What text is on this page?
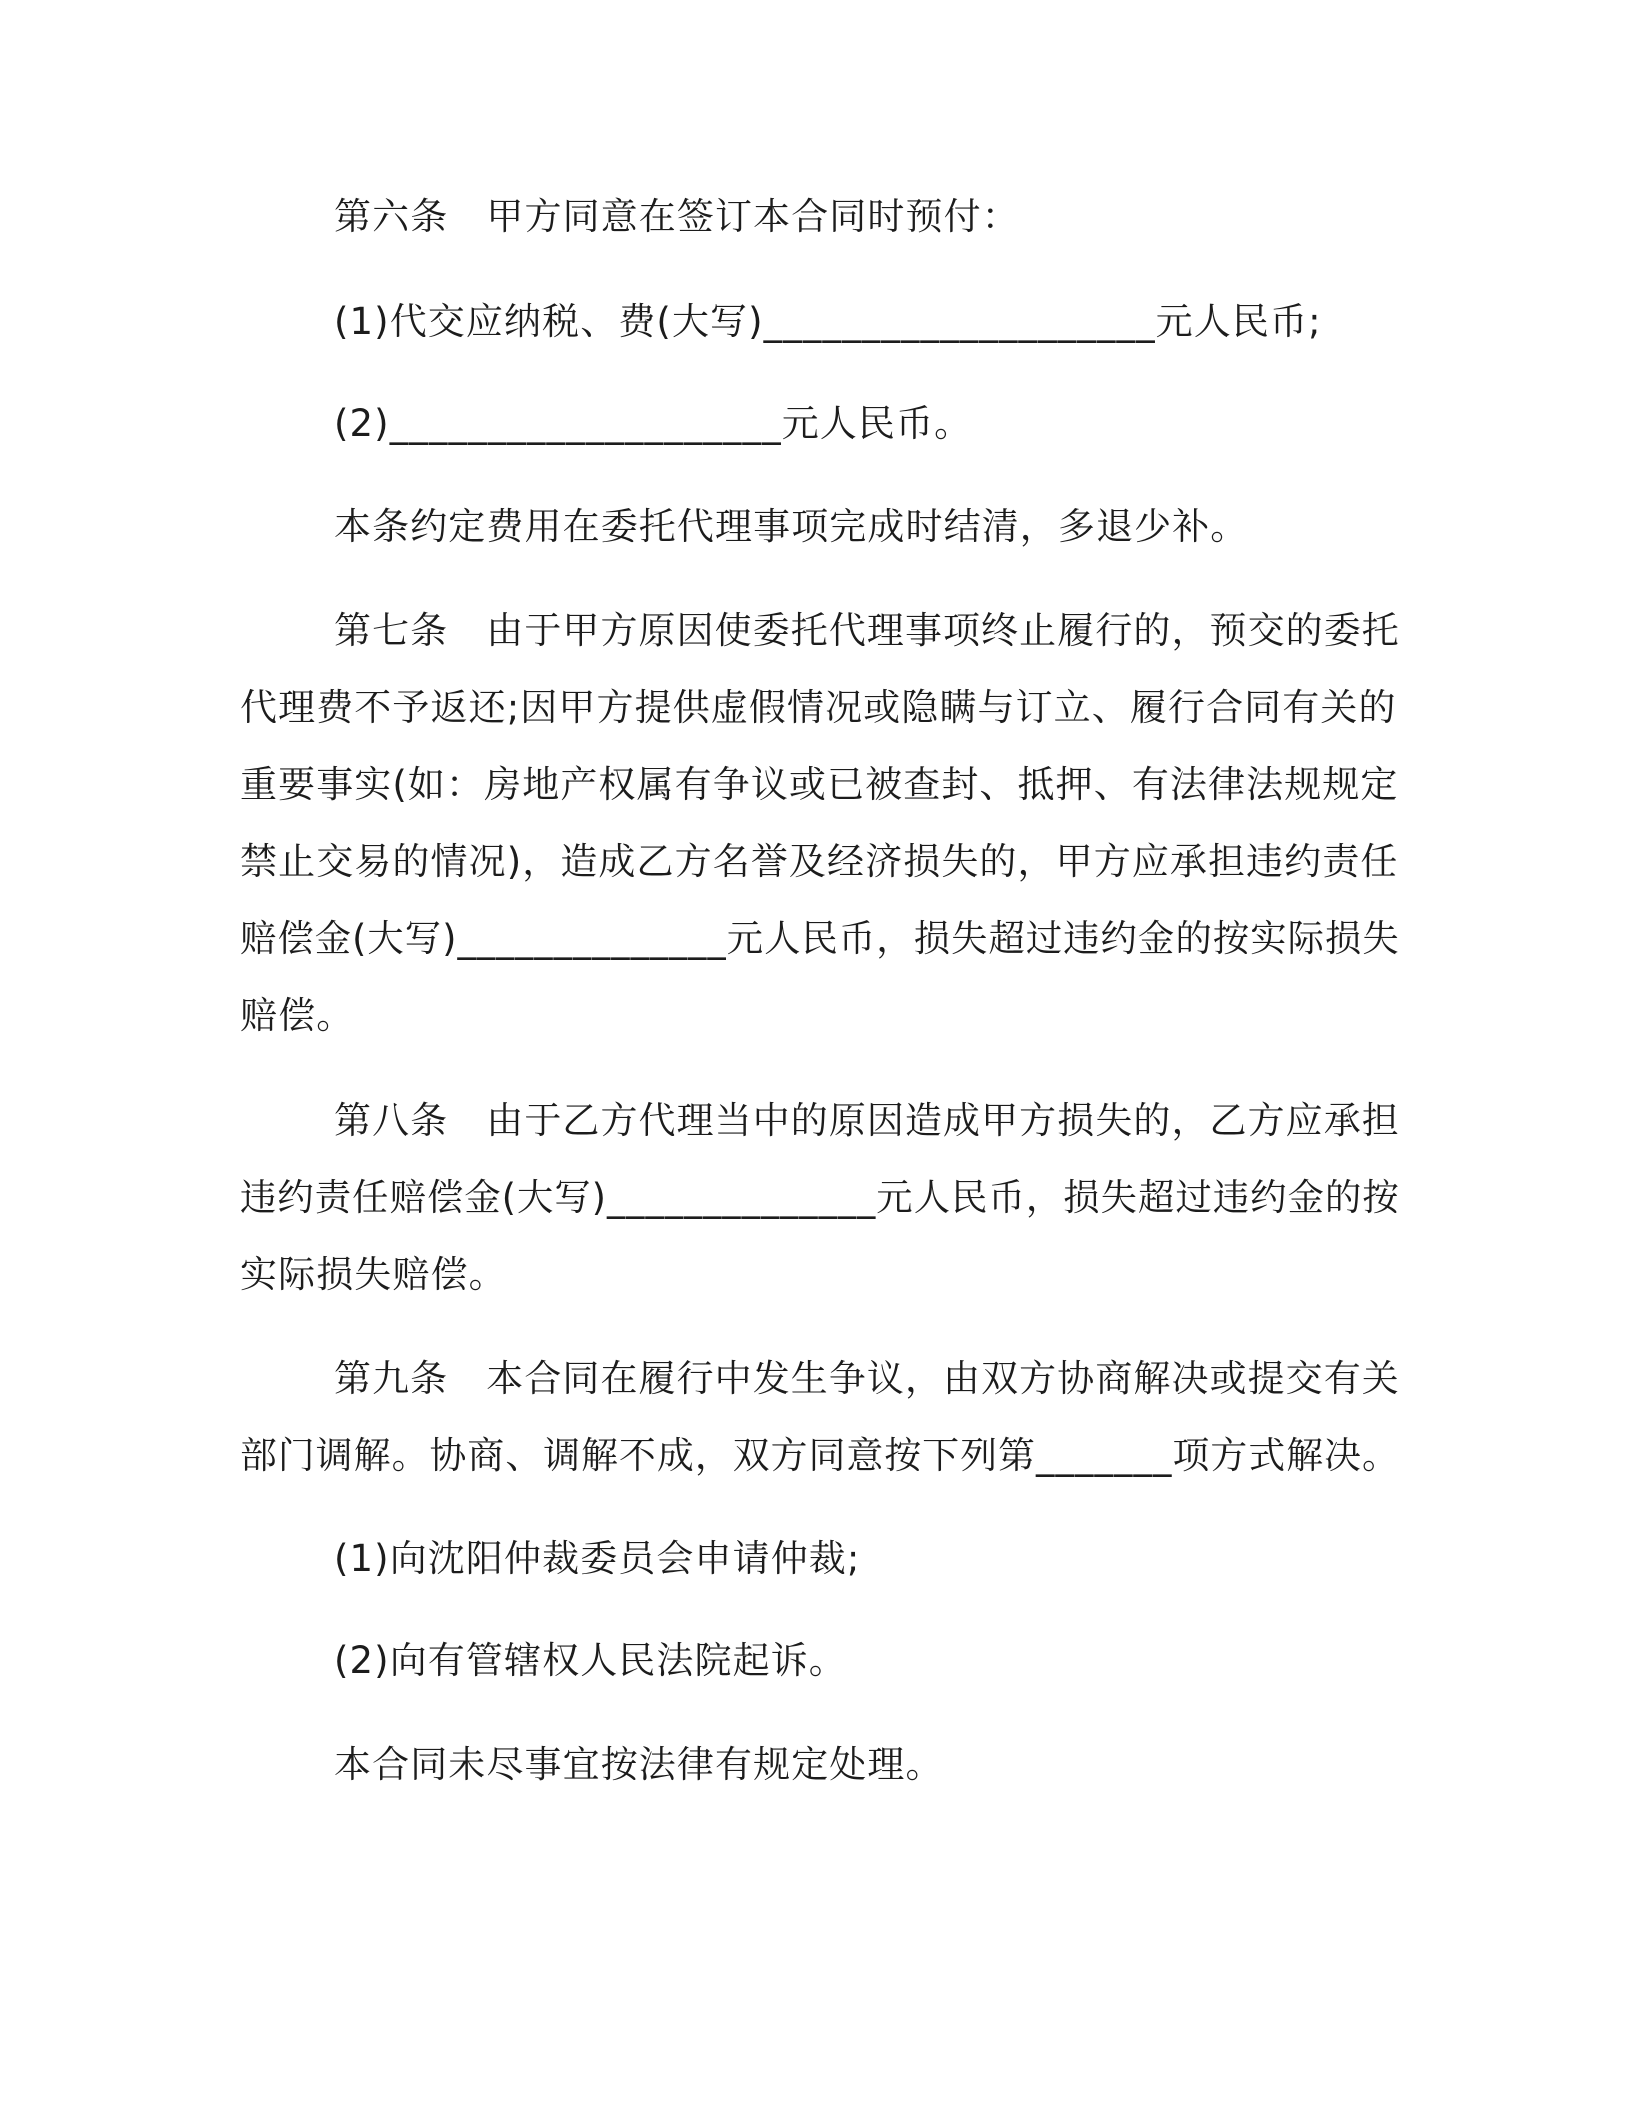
第六条　甲方同意在签订本合同时预付：

(1)代交应纳税、费(大写)____________________元人民币;

(2)____________________元人民币。

本条约定费用在委托代理事项完成时结清，多退少补。

第七条　由于甲方原因使委托代理事项终止履行的，预交的委托

代理费不予返还;因甲方提供虚假情况或隐瞒与订立、履行合同有关的

重要事实(如：房地产权属有争议或已被查封、抵押、有法律法规规定

禁止交易的情况)，造成乙方名誉及经济损失的，甲方应承担违约责任

赔偿金(大写)______________元人民币，损失超过违约金的按实际损失

赔偿。

第八条　由于乙方代理当中的原因造成甲方损失的，乙方应承担

违约责任赔偿金(大写)______________元人民币，损失超过违约金的按

实际损失赔偿。

第九条　本合同在履行中发生争议，由双方协商解决或提交有关

部门调解。协商、调解不成，双方同意按下列第_______项方式解决。

(1)向沈阳仲裁委员会申请仲裁;

(2)向有管辖权人民法院起诉。

本合同未尽事宜按法律有规定处理。
